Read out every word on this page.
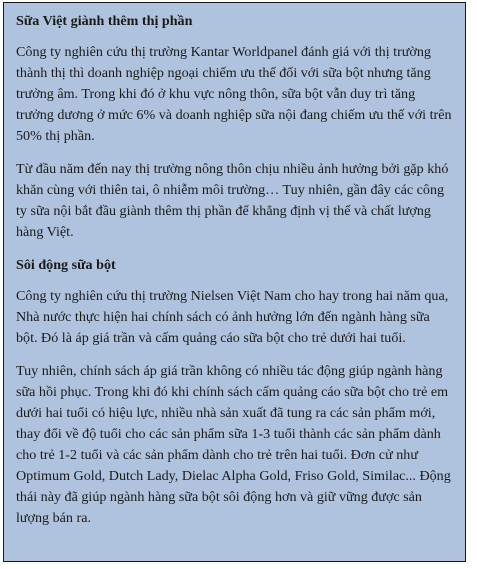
Sữa Việt giành thêm thị phần

Công ty nghiên cứu thị trường Kantar Worldpanel đánh giá với thị trường thành thị thì doanh nghiệp ngoại chiếm ưu thế đối với sữa bột nhưng tăng trưởng âm. Trong khi đó ở khu vực nông thôn, sữa bột vẫn duy trì tăng trưởng dương ở mức 6% và doanh nghiệp sữa nội đang chiếm ưu thế với trên 50% thị phần.

Từ đầu năm đến nay thị trường nông thôn chịu nhiều ảnh hưởng bởi gặp khó khăn cùng với thiên tai, ô nhiễm môi trường… Tuy nhiên, gần đây các công ty sữa nội bắt đầu giành thêm thị phần để khẳng định vị thế và chất lượng hàng Việt.

Sôi động sữa bột

Công ty nghiên cứu thị trường Nielsen Việt Nam cho hay trong hai năm qua, Nhà nước thực hiện hai chính sách có ảnh hưởng lớn đến ngành hàng sữa bột. Đó là áp giá trần và cấm quảng cáo sữa bột cho trẻ dưới hai tuổi.

Tuy nhiên, chính sách áp giá trần không có nhiều tác động giúp ngành hàng sữa hồi phục. Trong khi đó khi chính sách cấm quảng cáo sữa bột cho trẻ em dưới hai tuổi có hiệu lực, nhiều nhà sản xuất đã tung ra các sản phẩm mới, thay đổi về độ tuổi cho các sản phẩm sữa 1-3 tuổi thành các sản phẩm dành cho trẻ 1-2 tuổi và các sản phẩm dành cho trẻ trên hai tuổi. Đơn cử như Optimum Gold, Dutch Lady, Dielac Alpha Gold, Friso Gold, Similac... Động thái này đã giúp ngành hàng sữa bột sôi động hơn và giữ vững được sản lượng bán ra.
